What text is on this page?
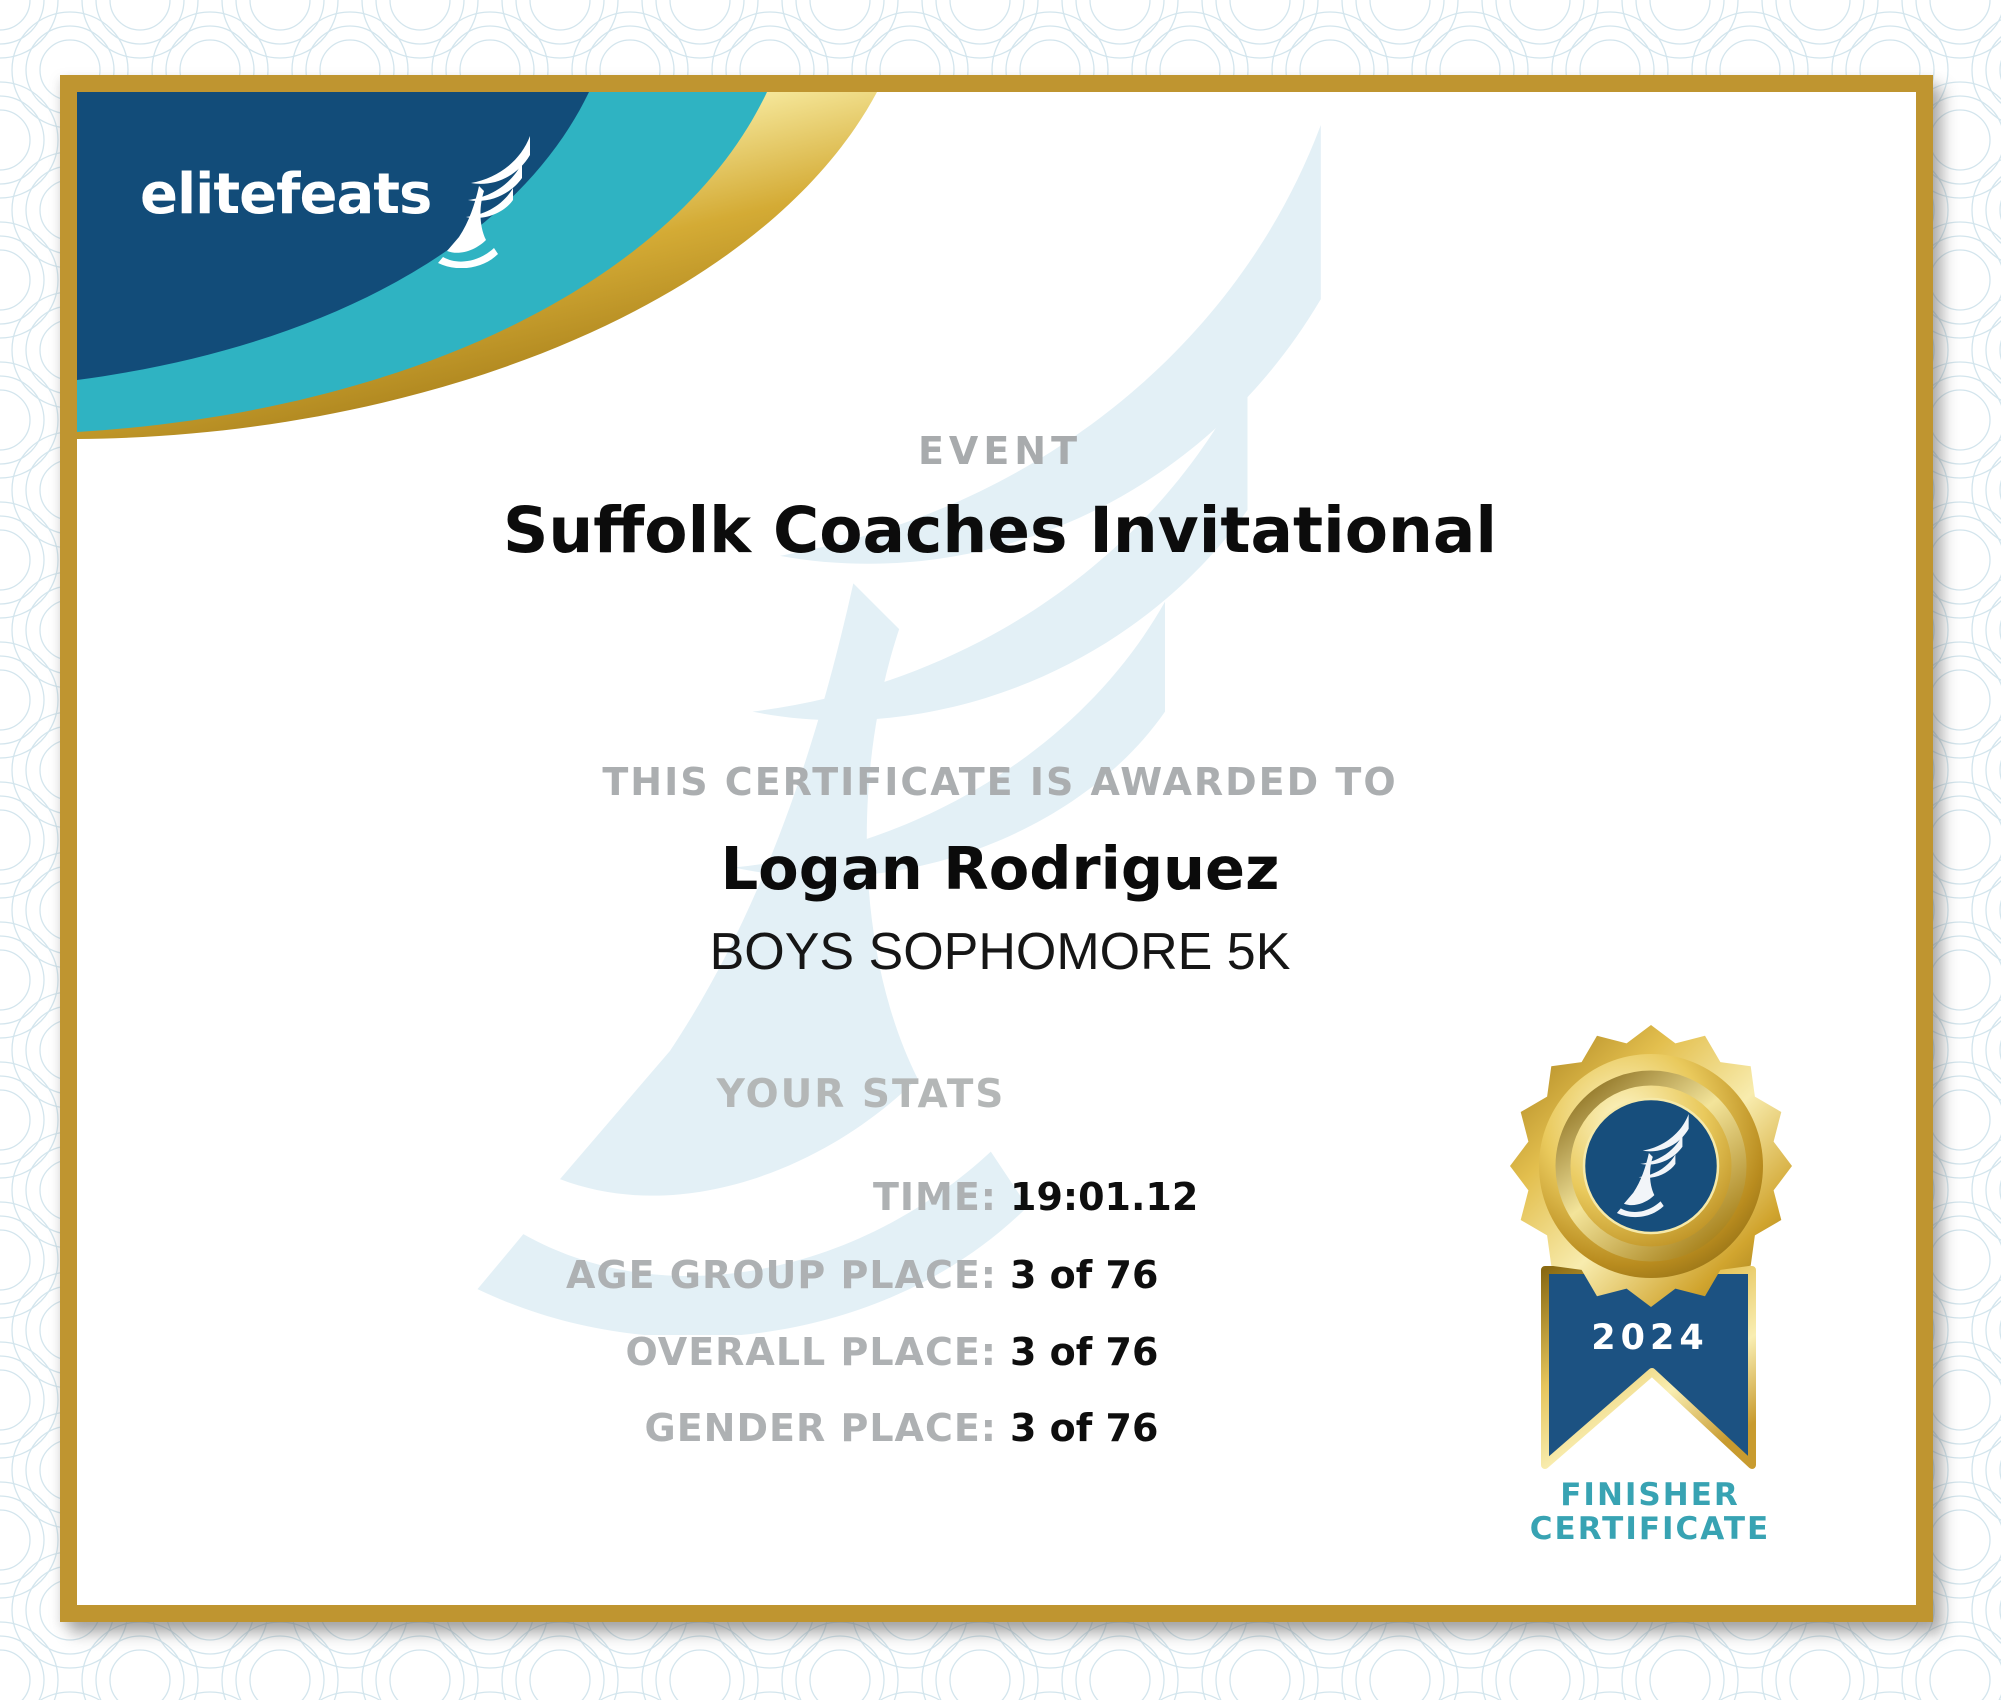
elitefeats
EVENT
Suffolk Coaches Invitational
THIS CERTIFICATE IS AWARDED TO
Logan Rodriguez
BOYS SOPHOMORE 5K
YOUR STATS
TIME: 19:01.12
AGE GROUP PLACE: 3 of 76
OVERALL PLACE: 3 of 76
GENDER PLACE: 3 of 76
2024
FINISHER
CERTIFICATE
